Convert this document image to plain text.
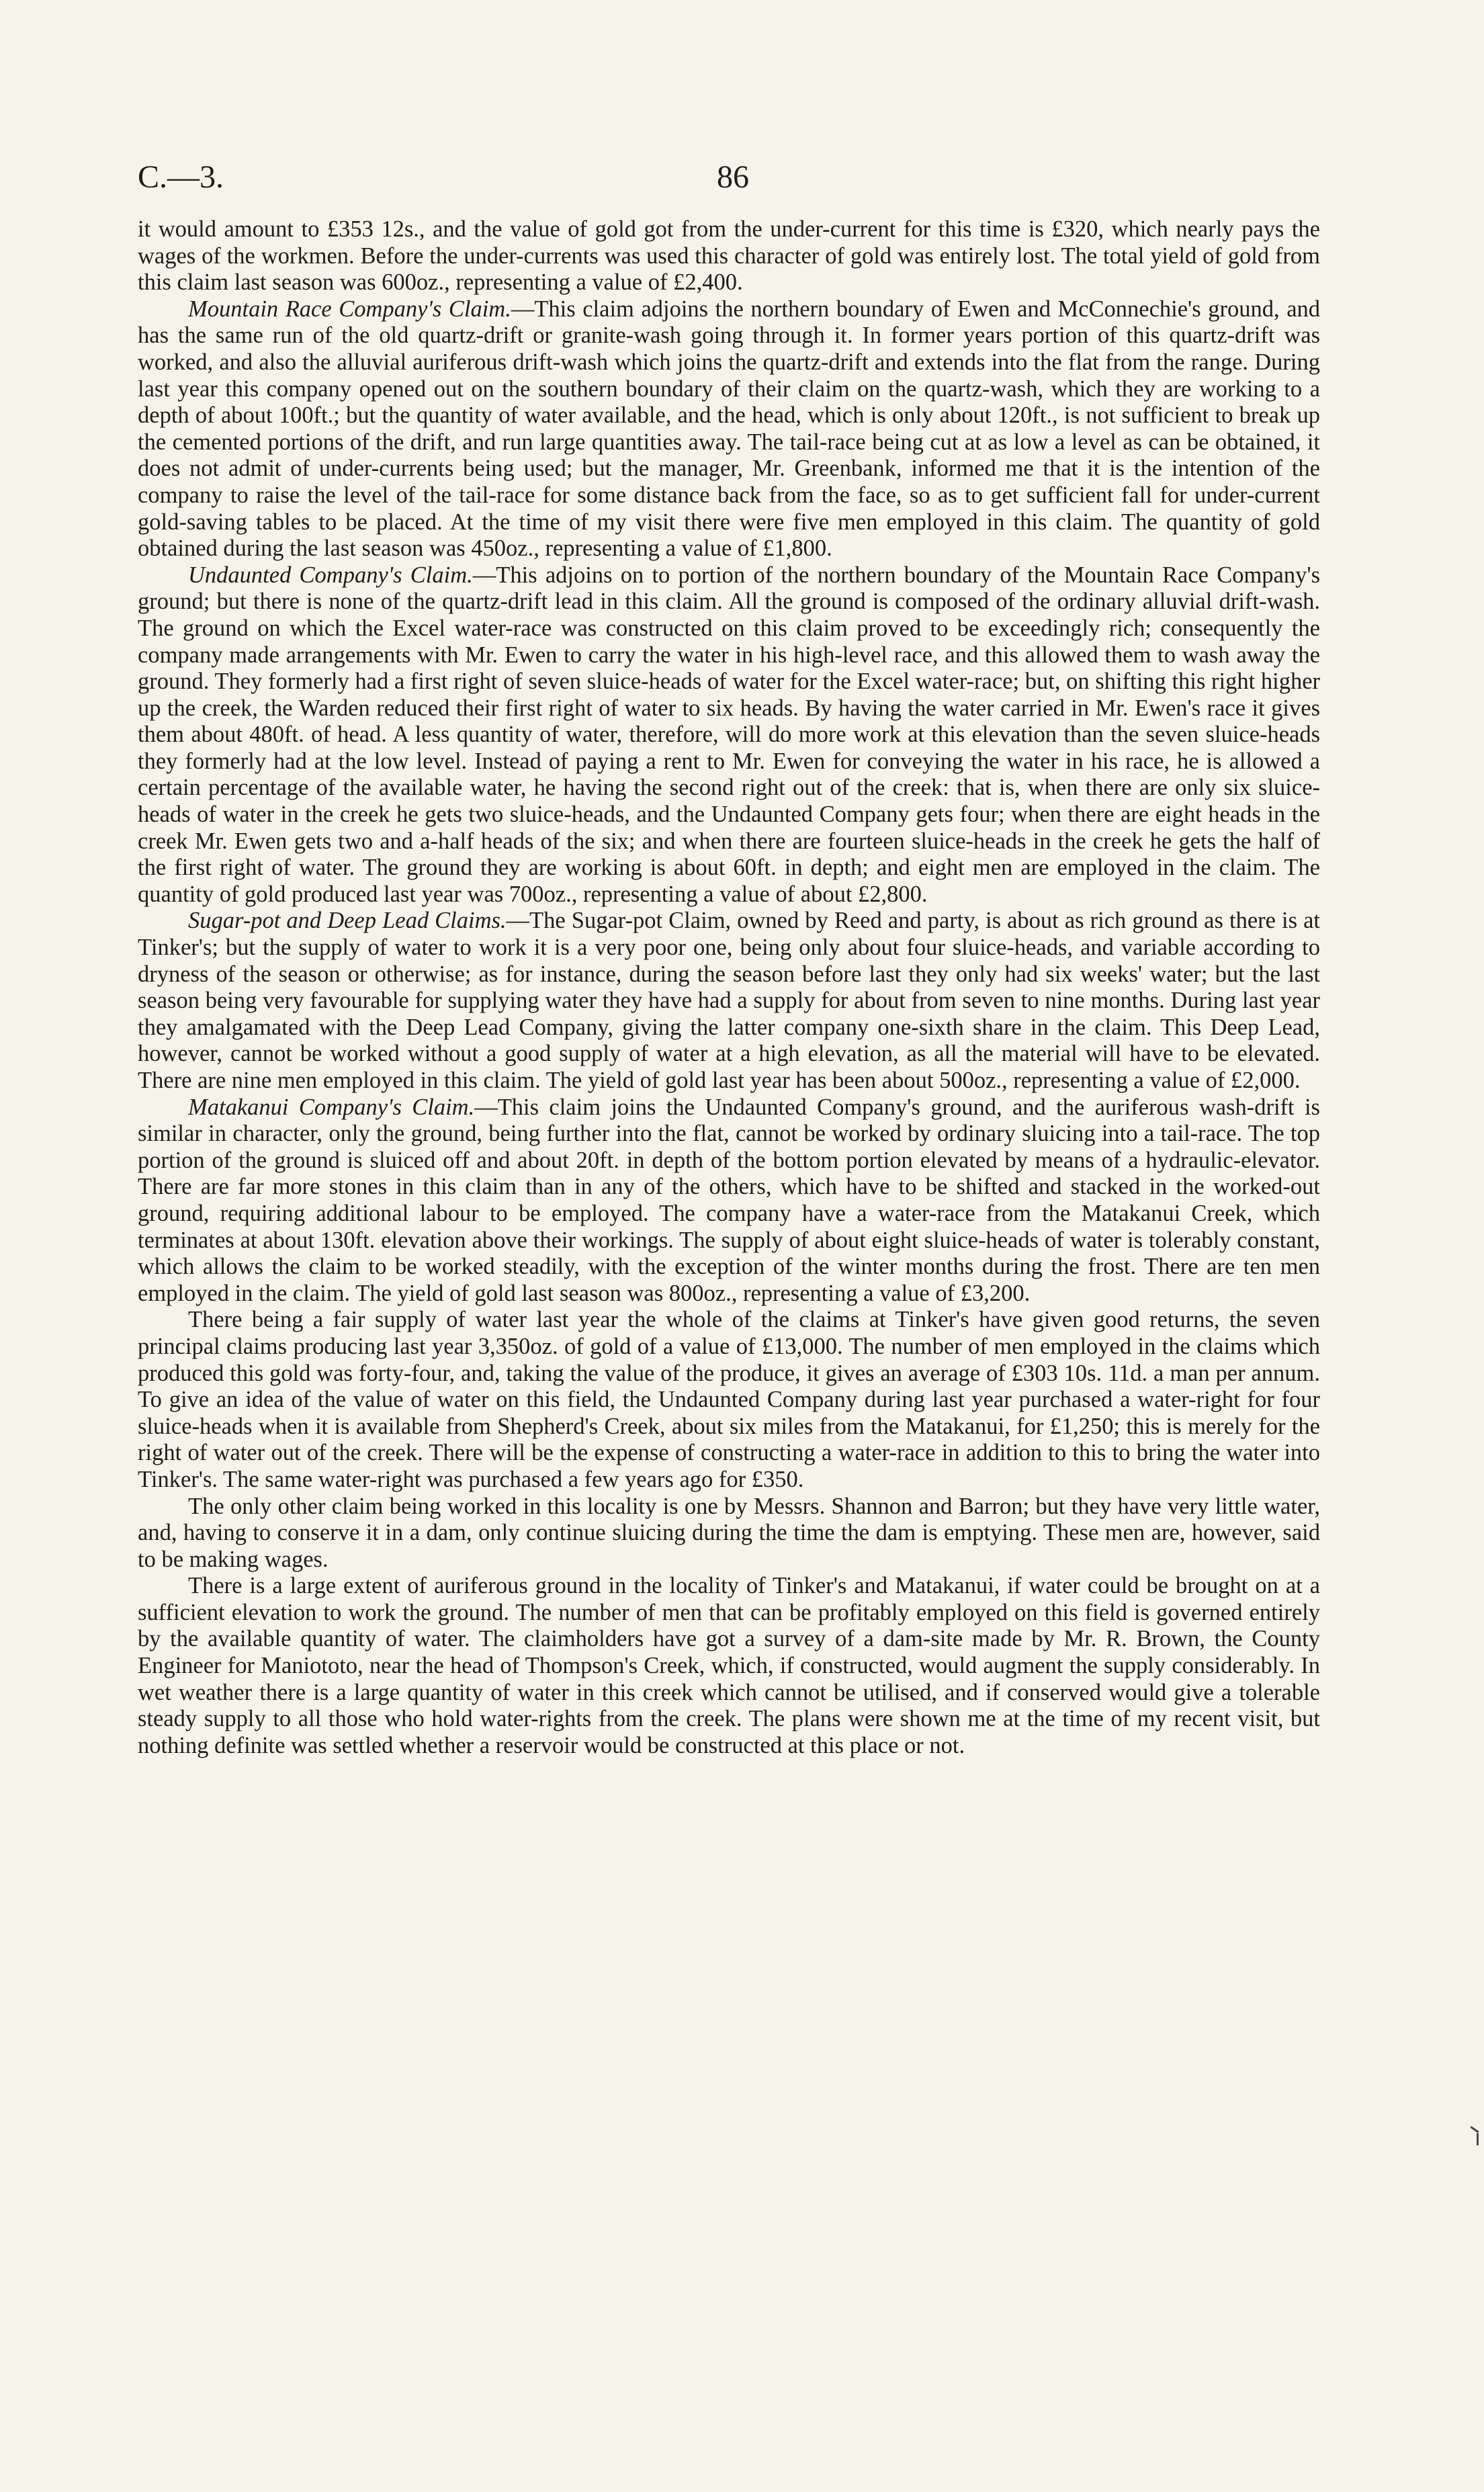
C.—3.	86

it would amount to £353 12s., and the value of gold got from the under-current for this time is £320, which nearly pays the wages of the workmen. Before the under-currents was used this character of gold was entirely lost. The total yield of gold from this claim last season was 600oz., representing a value of £2,400.

Mountain Race Company's Claim.—This claim adjoins the northern boundary of Ewen and McConnechie's ground, and has the same run of the old quartz-drift or granite-wash going through it. In former years portion of this quartz-drift was worked, and also the alluvial auriferous drift-wash which joins the quartz-drift and extends into the flat from the range. During last year this company opened out on the southern boundary of their claim on the quartz-wash, which they are working to a depth of about 100ft.; but the quantity of water available, and the head, which is only about 120ft., is not sufficient to break up the cemented portions of the drift, and run large quantities away. The tail-race being cut at as low a level as can be obtained, it does not admit of under-currents being used; but the manager, Mr. Greenbank, informed me that it is the intention of the company to raise the level of the tail-race for some distance back from the face, so as to get sufficient fall for under-current gold-saving tables to be placed. At the time of my visit there were five men employed in this claim. The quantity of gold obtained during the last season was 450oz., representing a value of £1,800.

Undaunted Company's Claim.—This adjoins on to portion of the northern boundary of the Mountain Race Company's ground; but there is none of the quartz-drift lead in this claim. All the ground is composed of the ordinary alluvial drift-wash. The ground on which the Excel water-race was constructed on this claim proved to be exceedingly rich; consequently the company made arrangements with Mr. Ewen to carry the water in his high-level race, and this allowed them to wash away the ground. They formerly had a first right of seven sluice-heads of water for the Excel water-race; but, on shifting this right higher up the creek, the Warden reduced their first right of water to six heads. By having the water carried in Mr. Ewen's race it gives them about 480ft. of head. A less quantity of water, therefore, will do more work at this elevation than the seven sluice-heads they formerly had at the low level. Instead of paying a rent to Mr. Ewen for conveying the water in his race, he is allowed a certain percentage of the available water, he having the second right out of the creek: that is, when there are only six sluice-heads of water in the creek he gets two sluice-heads, and the Undaunted Company gets four; when there are eight heads in the creek Mr. Ewen gets two and a-half heads of the six; and when there are fourteen sluice-heads in the creek he gets the half of the first right of water. The ground they are working is about 60ft. in depth; and eight men are employed in the claim. The quantity of gold produced last year was 700oz., representing a value of about £2,800.

Sugar-pot and Deep Lead Claims.—The Sugar-pot Claim, owned by Reed and party, is about as rich ground as there is at Tinker's; but the supply of water to work it is a very poor one, being only about four sluice-heads, and variable according to dryness of the season or otherwise; as for instance, during the season before last they only had six weeks' water; but the last season being very favourable for supplying water they have had a supply for about from seven to nine months. During last year they amalgamated with the Deep Lead Company, giving the latter company one-sixth share in the claim. This Deep Lead, however, cannot be worked without a good supply of water at a high elevation, as all the material will have to be elevated. There are nine men employed in this claim. The yield of gold last year has been about 500oz., representing a value of £2,000.

Matakanui Company's Claim.—This claim joins the Undaunted Company's ground, and the auriferous wash-drift is similar in character, only the ground, being further into the flat, cannot be worked by ordinary sluicing into a tail-race. The top portion of the ground is sluiced off and about 20ft. in depth of the bottom portion elevated by means of a hydraulic-elevator. There are far more stones in this claim than in any of the others, which have to be shifted and stacked in the worked-out ground, requiring additional labour to be employed. The company have a water-race from the Matakanui Creek, which terminates at about 130ft. elevation above their workings. The supply of about eight sluice-heads of water is tolerably constant, which allows the claim to be worked steadily, with the exception of the winter months during the frost. There are ten men employed in the claim. The yield of gold last season was 800oz., representing a value of £3,200.

There being a fair supply of water last year the whole of the claims at Tinker's have given good returns, the seven principal claims producing last year 3,350oz. of gold of a value of £13,000. The number of men employed in the claims which produced this gold was forty-four, and, taking the value of the produce, it gives an average of £303 10s. 11d. a man per annum. To give an idea of the value of water on this field, the Undaunted Company during last year purchased a water-right for four sluice-heads when it is available from Shepherd's Creek, about six miles from the Matakanui, for £1,250; this is merely for the right of water out of the creek. There will be the expense of constructing a water-race in addition to this to bring the water into Tinker's. The same water-right was purchased a few years ago for £350.

The only other claim being worked in this locality is one by Messrs. Shannon and Barron; but they have very little water, and, having to conserve it in a dam, only continue sluicing during the time the dam is emptying. These men are, however, said to be making wages.

There is a large extent of auriferous ground in the locality of Tinker's and Matakanui, if water could be brought on at a sufficient elevation to work the ground. The number of men that can be profitably employed on this field is governed entirely by the available quantity of water. The claimholders have got a survey of a dam-site made by Mr. R. Brown, the County Engineer for Maniototo, near the head of Thompson's Creek, which, if constructed, would augment the supply considerably. In wet weather there is a large quantity of water in this creek which cannot be utilised, and if conserved would give a tolerable steady supply to all those who hold water-rights from the creek. The plans were shown me at the time of my recent visit, but nothing definite was settled whether a reservoir would be constructed at this place or not.
